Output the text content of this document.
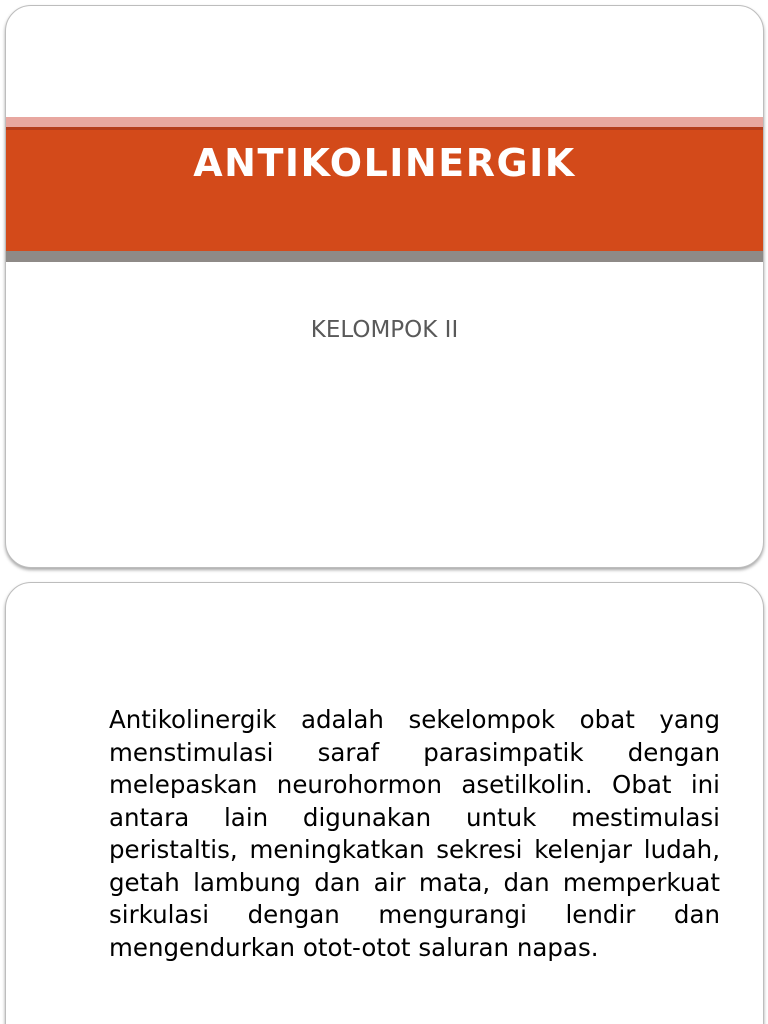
ANTIKOLINERGIK
KELOMPOK II
Antikolinergik adalah sekelompok obat yang menstimulasi saraf parasimpatik dengan melepaskan neurohormon asetilkolin. Obat ini antara lain digunakan untuk mestimulasi peristaltis, meningkatkan sekresi kelenjar ludah, getah lambung dan air mata, dan memperkuat sirkulasi dengan mengurangi lendir dan mengendurkan otot-otot saluran napas.
